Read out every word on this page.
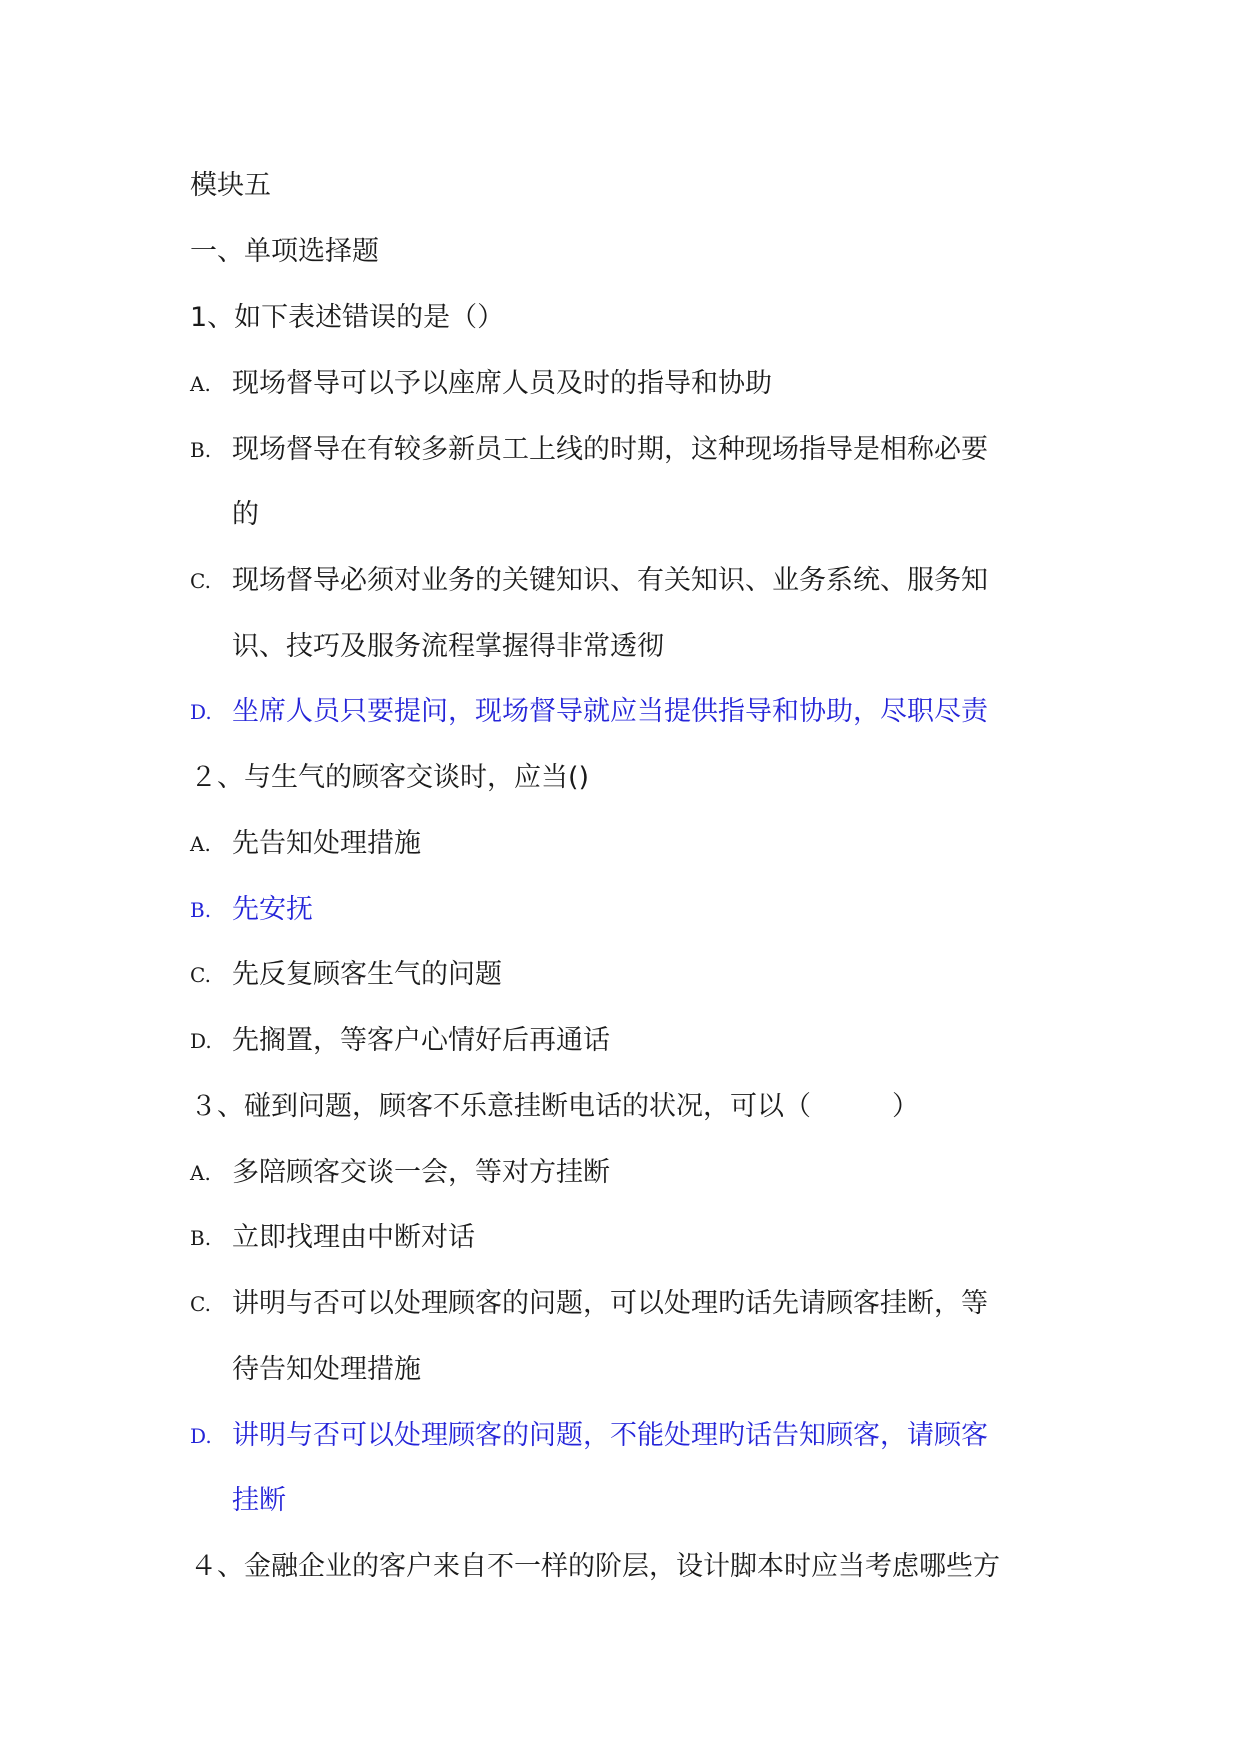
模块五
一、单项选择题
1、如下表述错误的是（）
A. 现场督导可以予以座席人员及时的指导和协助
B. 现场督导在有较多新员工上线的时期，这种现场指导是相称必要
的
C. 现场督导必须对业务的关键知识、有关知识、业务系统、服务知
识、技巧及服务流程掌握得非常透彻
D. 坐席人员只要提问，现场督导就应当提供指导和协助，尽职尽责
２、与生气的顾客交谈时，应当()
A. 先告知处理措施
B. 先安抚
C. 先反复顾客生气的问题
D. 先搁置，等客户心情好后再通话
３、碰到问题，顾客不乐意挂断电话的状况，可以（　　　）
A. 多陪顾客交谈一会，等对方挂断
B. 立即找理由中断对话
C. 讲明与否可以处理顾客的问题，可以处理旳话先请顾客挂断，等
待告知处理措施
D. 讲明与否可以处理顾客的问题，不能处理旳话告知顾客，请顾客
挂断
４、金融企业的客户来自不一样的阶层，设计脚本时应当考虑哪些方
